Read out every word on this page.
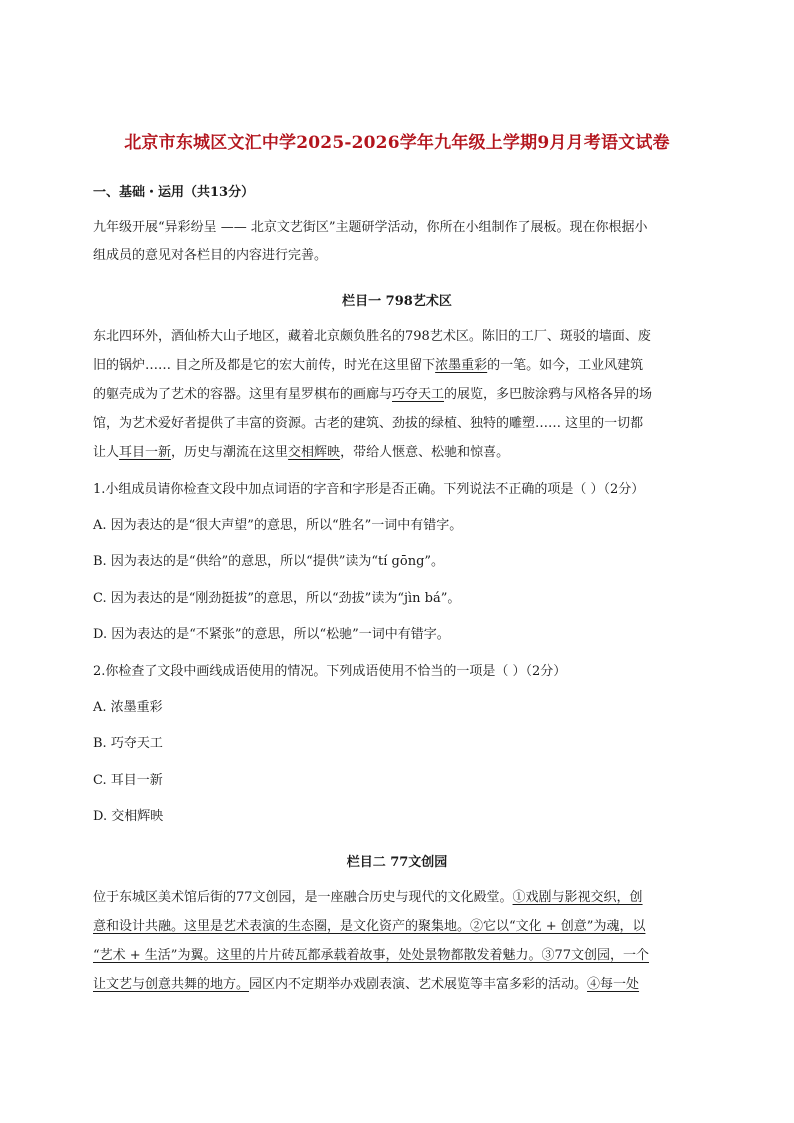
北京市东城区文汇中学2025-2026学年九年级上学期9月月考语文试卷
一、基础・运用（共13分）
九年级开展“异彩纷呈 —— 北京文艺街区”主题研学活动，你所在小组制作了展板。现在你根据小
组成员的意见对各栏目的内容进行完善。
栏目一 798艺术区
东北四环外，酒仙桥大山子地区，藏着北京颇负胜名的798艺术区。陈旧的工厂、斑驳的墙面、废
旧的锅炉…… 目之所及都是它的宏大前传，时光在这里留下浓墨重彩的一笔。如今，工业风建筑
的躯壳成为了艺术的容器。这里有星罗棋布的画廊与巧夺天工的展览，多巴胺涂鸦与风格各异的场
馆，为艺术爱好者提供了丰富的资源。古老的建筑、劲拔的绿植、独特的雕塑…… 这里的一切都
让人耳目一新，历史与潮流在这里交相辉映，带给人惬意、松驰和惊喜。
1.小组成员请你检查文段中加点词语的字音和字形是否正确。下列说法不正确的项是（ ）（2分）
A. 因为表达的是“很大声望”的意思，所以“胜名”一词中有错字。
B. 因为表达的是“供给”的意思，所以“提供”读为“tí gōng”。
C. 因为表达的是“刚劲挺拔”的意思，所以“劲拔”读为“jìn bá”。
D. 因为表达的是“不紧张”的意思，所以“松驰”一词中有错字。
2.你检查了文段中画线成语使用的情况。下列成语使用不恰当的一项是（ ）（2分）
A. 浓墨重彩
B. 巧夺天工
C. 耳目一新
D. 交相辉映
栏目二 77文创园
位于东城区美术馆后街的77文创园，是一座融合历史与现代的文化殿堂。①戏剧与影视交织，创
意和设计共融。这里是艺术表演的生态圈，是文化资产的聚集地。②它以“文化 + 创意”为魂，以
“艺术 + 生活”为翼。这里的片片砖瓦都承载着故事，处处景物都散发着魅力。③77文创园，一个
让文艺与创意共舞的地方。园区内不定期举办戏剧表演、艺术展览等丰富多彩的活动。④每一处
